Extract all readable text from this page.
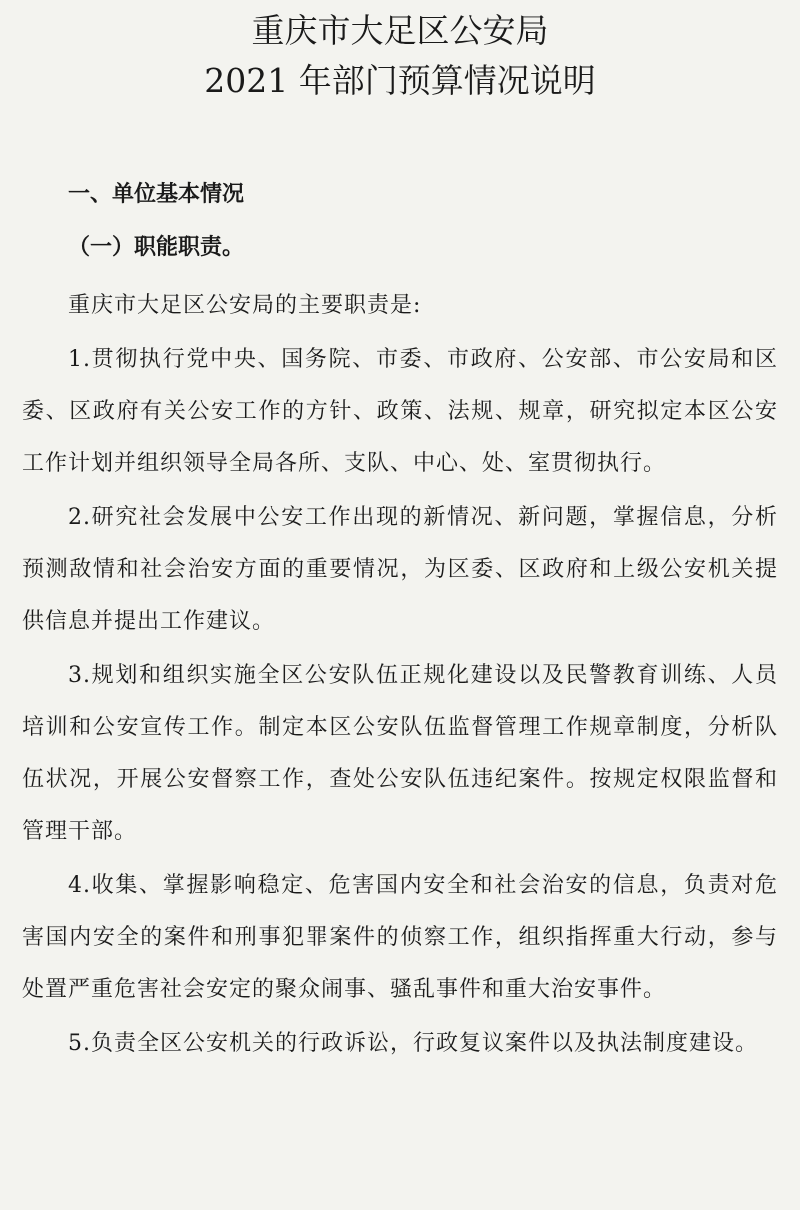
重庆市大足区公安局
2021 年部门预算情况说明
一、单位基本情况
（一）职能职责。

重庆市大足区公安局的主要职责是:

1.贯彻执行党中央、国务院、市委、市政府、公安部、市公安局和区委、区政府有关公安工作的方针、政策、法规、规章，研究拟定本区公安工作计划并组织领导全局各所、支队、中心、处、室贯彻执行。

2.研究社会发展中公安工作出现的新情况、新问题，掌握信息，分析预测敌情和社会治安方面的重要情况，为区委、区政府和上级公安机关提供信息并提出工作建议。

3.规划和组织实施全区公安队伍正规化建设以及民警教育训练、人员培训和公安宣传工作。制定本区公安队伍监督管理工作规章制度，分析队伍状况，开展公安督察工作，查处公安队伍违纪案件。按规定权限监督和管理干部。

4.收集、掌握影响稳定、危害国内安全和社会治安的信息，负责对危害国内安全的案件和刑事犯罪案件的侦察工作，组织指挥重大行动，参与处置严重危害社会安定的聚众闹事、骚乱事件和重大治安事件。

5.负责全区公安机关的行政诉讼，行政复议案件以及执法制度建设。
